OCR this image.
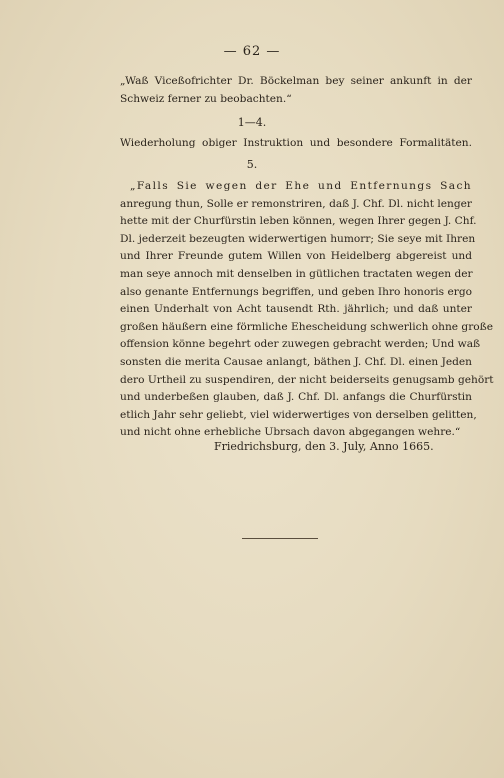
— 62 —
„Waß Viceßofrichter Dr. Böckelman bey seiner ankunft in der
Schweiz ferner zu beobachten.“
1—4.
Wiederholung obiger Instruktion und besondere Formalitäten.
5.
„Falls Sie wegen der Ehe und Entfernungs Sach
anregung thun, Solle er remonstriren, daß J. Chf. Dl. nicht lenger
hette mit der Churfürstin leben können, wegen Ihrer gegen J. Chf.
Dl. jederzeit bezeugten widerwertigen humorr; Sie seye mit Ihren
und Ihrer Freunde gutem Willen von Heidelberg abgereist und
man seye annoch mit denselben in gütlichen tractaten wegen der
also genante Entfernungs begriffen, und geben Ihro honoris ergo
einen Underhalt von Acht tausendt Rth. jährlich; und daß unter
großen häußern eine förmliche Ehescheidung schwerlich ohne große
offension könne begehrt oder zuwegen gebracht werden; Und waß
sonsten die merita Causae anlangt, bäthen J. Chf. Dl. einen Jeden
dero Urtheil zu suspendiren, der nicht beiderseits genugsamb gehört
und underbeßen glauben, daß J. Chf. Dl. anfangs die Churfürstin
etlich Jahr sehr geliebt, viel widerwertiges von derselben gelitten,
und nicht ohne erhebliche Ubrsach davon abgegangen wehre.“
Friedrichsburg, den 3. July, Anno 1665.
